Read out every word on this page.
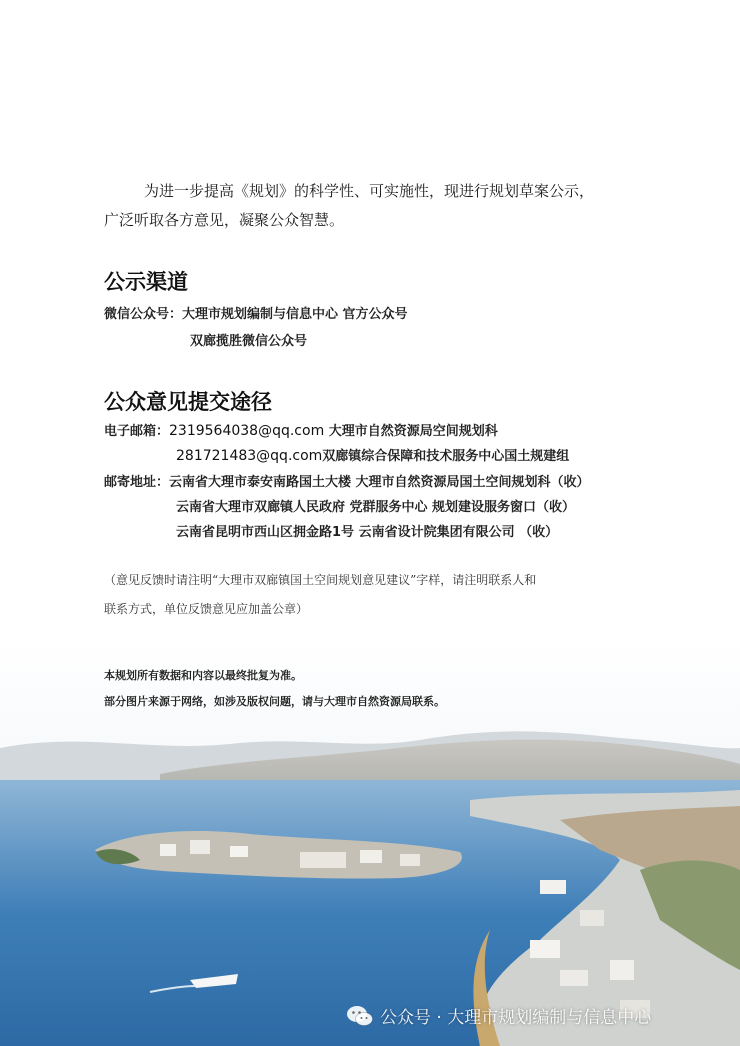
为进一步提高《规划》的科学性、可实施性，现进行规划草案公示，
广泛听取各方意见，凝聚公众智慧。

公示渠道
微信公众号：大理市规划编制与信息中心 官方公众号
双廊揽胜微信公众号
公众意见提交途径
电子邮箱：2319564038@qq.com 大理市自然资源局空间规划科
281721483@qq.com双廊镇综合保障和技术服务中心国土规建组
邮寄地址：云南省大理市泰安南路国土大楼 大理市自然资源局国土空间规划科（收）
云南省大理市双廊镇人民政府 党群服务中心 规划建设服务窗口（收）
云南省昆明市西山区拥金路1号 云南省设计院集团有限公司 （收）

（意见反馈时请注明“大理市双廊镇国土空间规划意见建议”字样，请注明联系人和
联系方式，单位反馈意见应加盖公章）

本规划所有数据和内容以最终批复为准。
部分图片来源于网络，如涉及版权问题，请与大理市自然资源局联系。
公众号 · 大理市规划编制与信息中心
